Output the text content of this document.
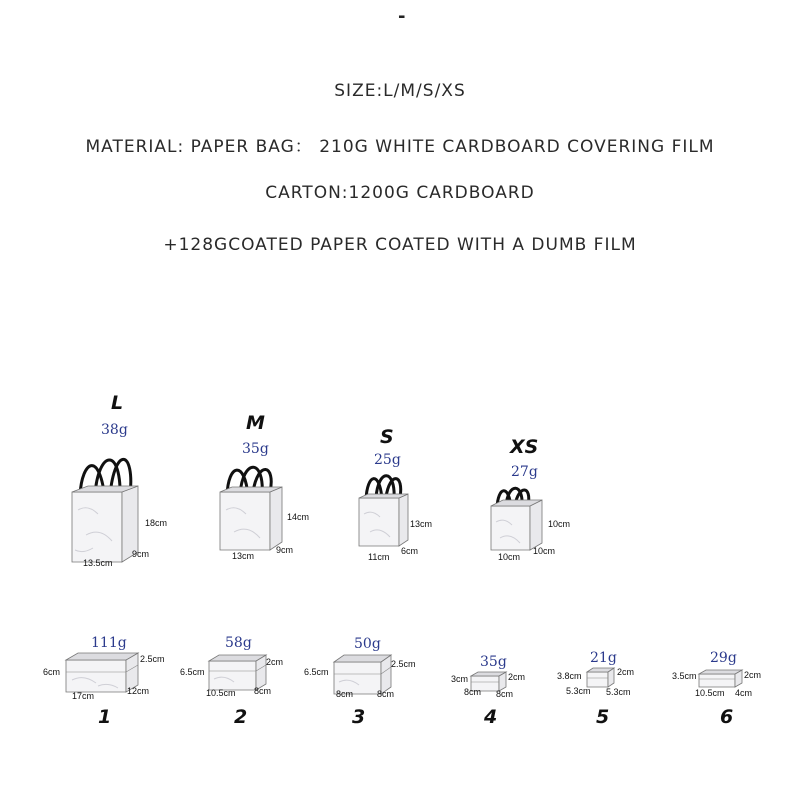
-
SIZE:L/M/S/XS
MATERIAL: PAPER BAG： 210G WHITE CARDBOARD COVERING FILM
CARTON:1200G CARDBOARD
+128GCOATED PAPER COATED WITH A DUMB FILM
L
38g
18cm
13.5cm
9cm
M
35g
14cm
13cm
9cm
S
25g
13cm
11cm
6cm
XS
27g
10cm
10cm
10cm
111g
6cm
2.5cm
17cm	12cm
1
58g
6.5cm
2cm
10.5cm 8cm
2
50g
6.5cm
2.5cm
8cm	8cm
3
35g
3cm	2cm
8cm 8cm
4
21g
3.8cm	2cm
5.3cm 5.3cm
5
29g
3.5cm	2cm
10.5cm 4cm
6
